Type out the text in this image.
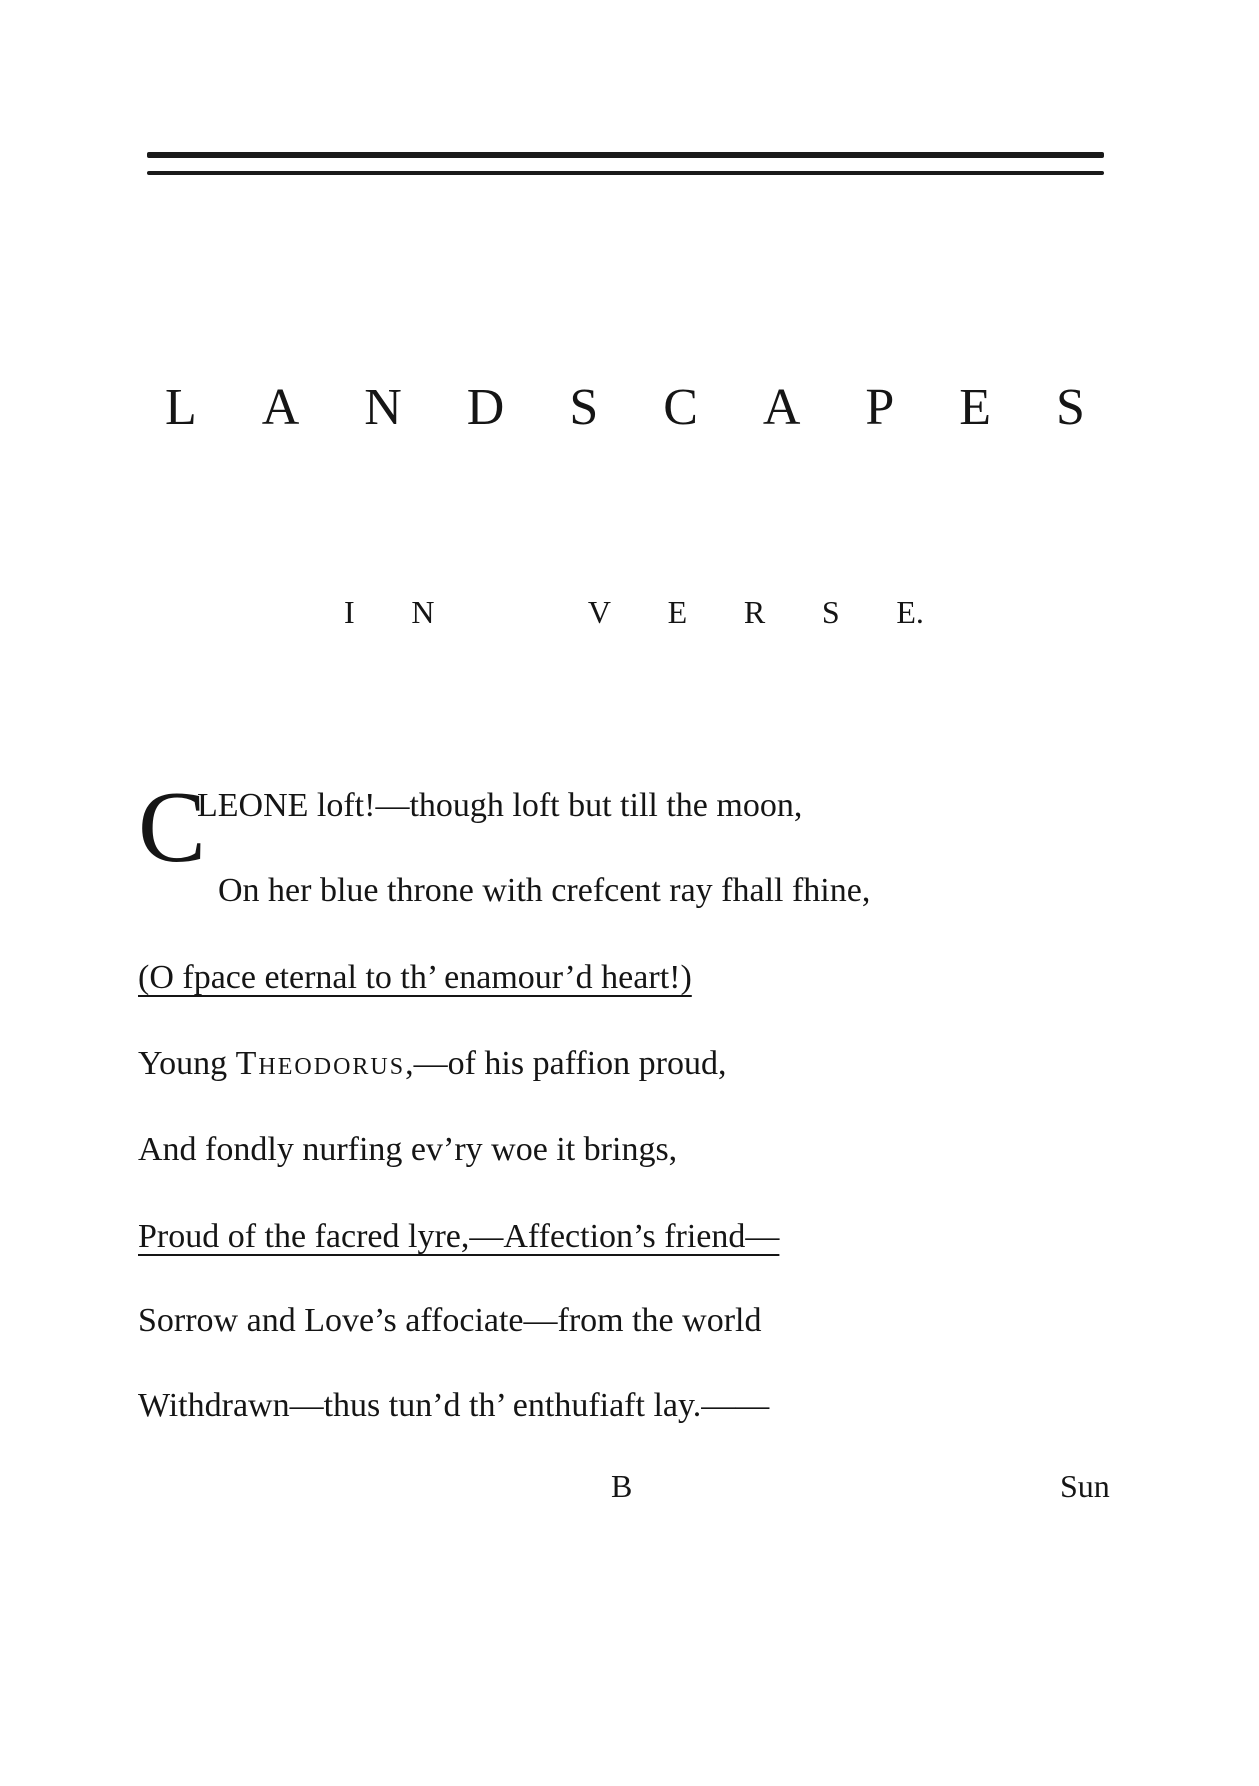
L A N D S C A P E S
I N	V E R S E.
C
LEONE loft!—though loft but till the moon,
On her blue throne with crefcent ray fhall fhine,
(O fpace eternal to th’ enamour’d heart!)
Young Theodorus,—of his paffion proud,
And fondly nurfing ev’ry woe it brings,
Proud of the facred lyre,—Affection’s friend—
Sorrow and Love’s affociate—from the world
Withdrawn—thus tun’d th’ enthufiaft lay.——
B	Sun
